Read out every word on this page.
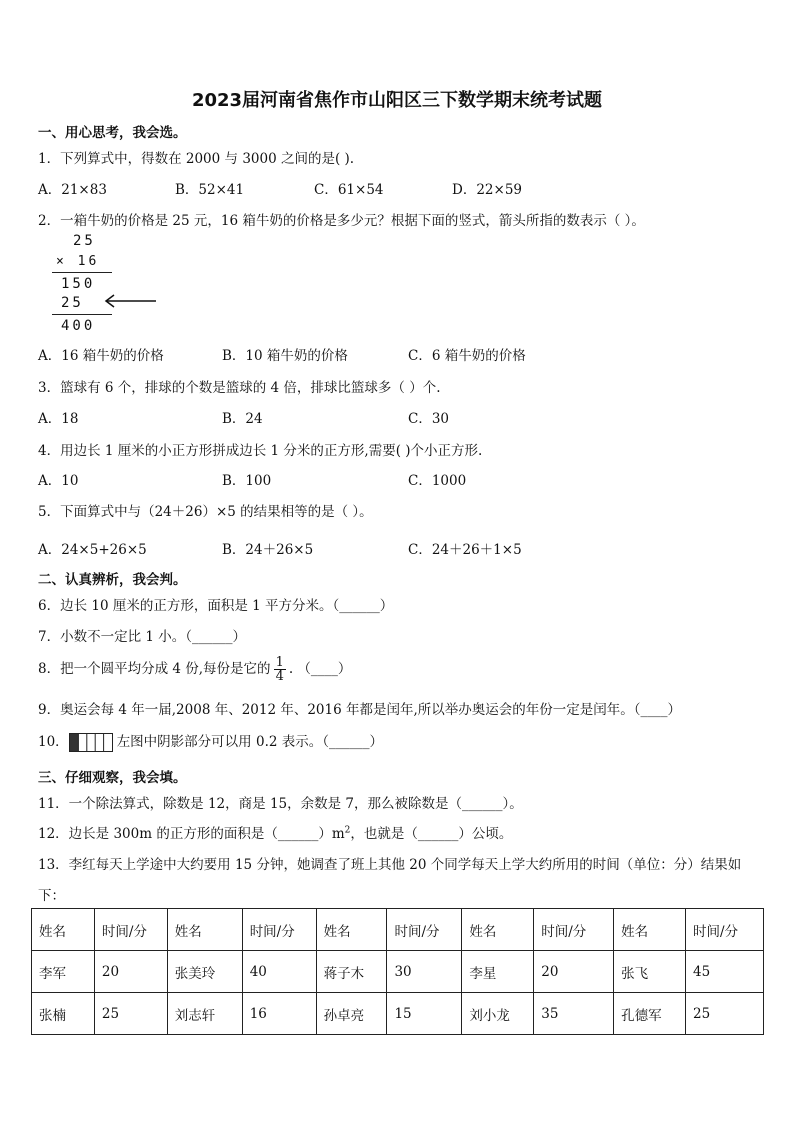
2023届河南省焦作市山阳区三下数学期末统考试题
一、用心思考，我会选。
1．下列算式中，得数在 2000 与 3000 之间的是( ).
A．21×83	B．52×41	C．61×54	D．22×59
2．一箱牛奶的价格是 25 元，16 箱牛奶的价格是多少元？根据下面的竖式，箭头所指的数表示（ ）。
25
× 16
150
25
400
A．16 箱牛奶的价格	B．10 箱牛奶的价格	C．6 箱牛奶的价格
3．篮球有 6 个，排球的个数是篮球的 4 倍，排球比篮球多（ ）个.
A．18	B．24	C．30
4．用边长 1 厘米的小正方形拼成边长 1 分米的正方形,需要( )个小正方形.
A．10	B．100	C．1000
5．下面算式中与（24＋26）×5 的结果相等的是（ ）。
A．24×5+26×5	B．24＋26×5	C．24＋26＋1×5
二、认真辨析，我会判。
6．边长 10 厘米的正方形，面积是 1 平方分米。（______）
7．小数不一定比 1 小。（______）
8．把一个圆平均分成 4 份,每份是它的 $\frac{1}{4}$ . （____）
9．奥运会每 4 年一届,2008 年、2012 年、2016 年都是闰年,所以举办奥运会的年份一定是闰年。（____）
10．	左图中阴影部分可以用 0.2 表示。（______）
三、仔细观察，我会填。
11．一个除法算式，除数是 12，商是 15，余数是 7，那么被除数是（______）。
12．边长是 300m 的正方形的面积是$(\_\_\_\_\_\_)m^2$，也就是（______）公顷。
13．李红每天上学途中大约要用 15 分钟，她调查了班上其他 20 个同学每天上学大约所用的时间（单位：分）结果如
下：
姓名	时间/分	姓名	时间/分	姓名	时间/分	姓名	时间/分	姓名	时间/分
李军	20	张美玲	40	蒋子木	30	李星	20	张飞	45
张楠	25	刘志轩	16	孙卓亮	15	刘小龙	35	孔德军	25
